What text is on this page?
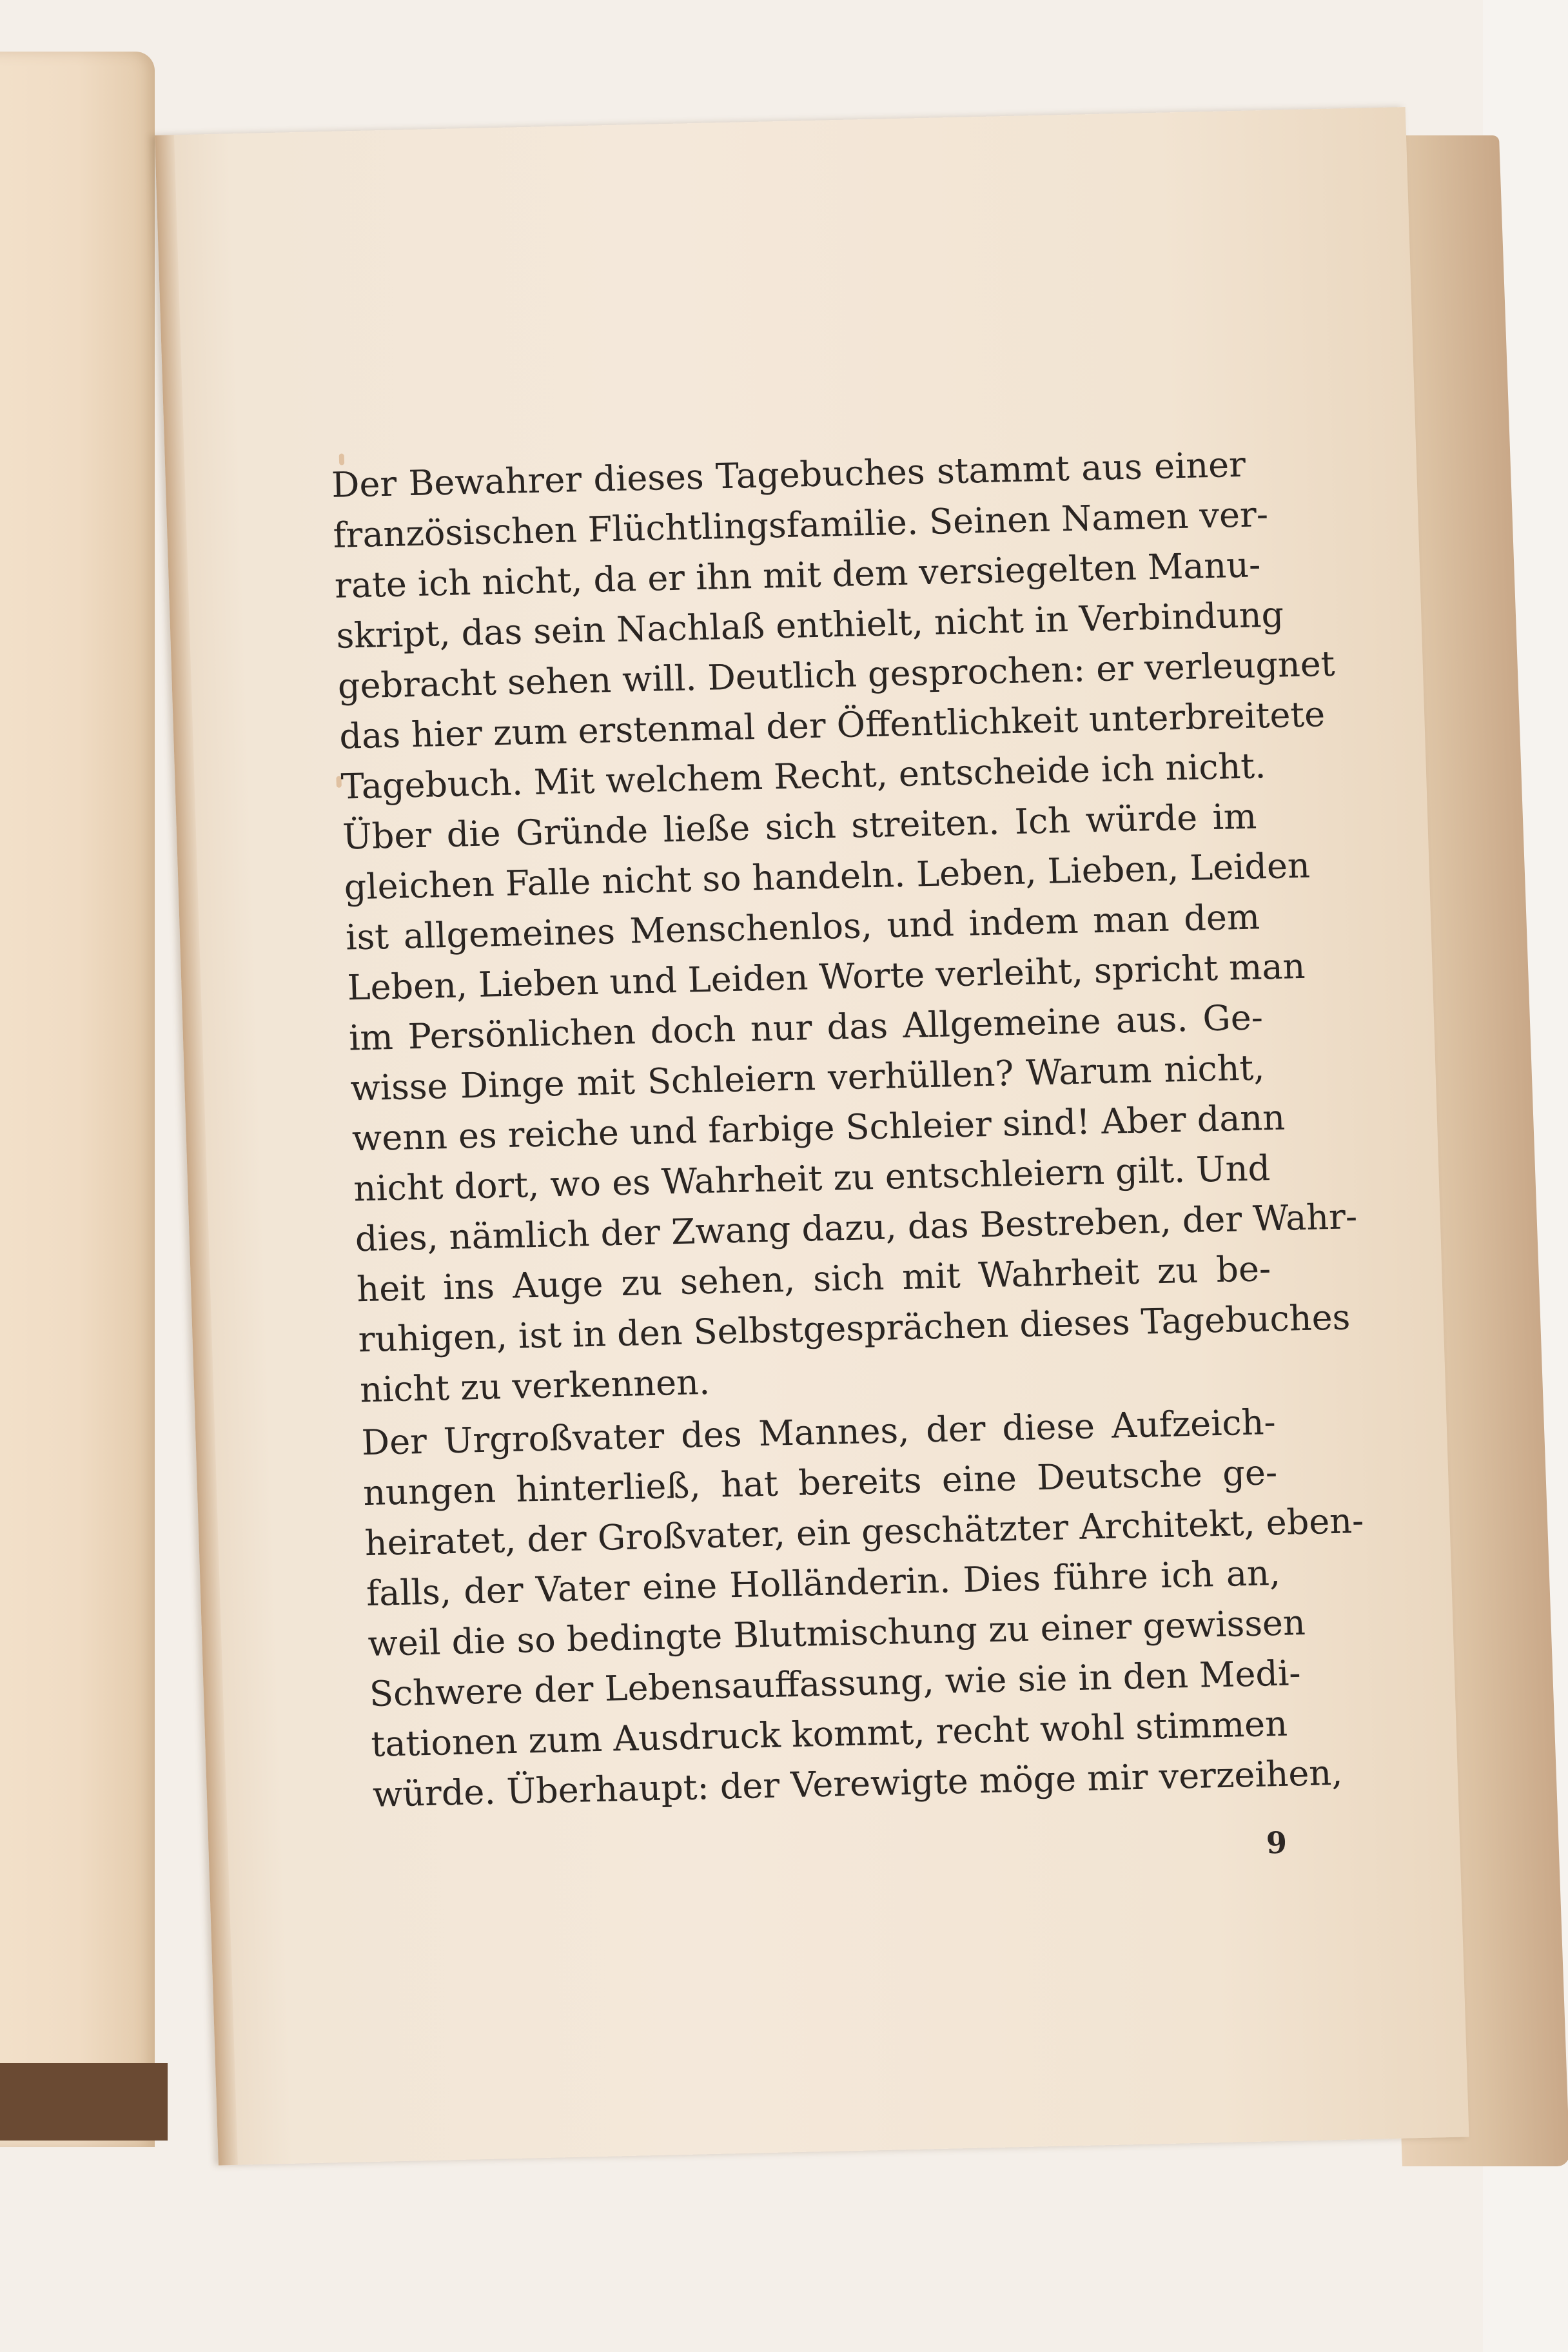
Der Bewahrer dieses Tagebuches stammt aus einer
französischen Flüchtlingsfamilie. Seinen Namen ver-
rate ich nicht, da er ihn mit dem versiegelten Manu-
skript, das sein Nachlaß enthielt, nicht in Verbindung
gebracht sehen will. Deutlich gesprochen: er verleugnet
das hier zum erstenmal der Öffentlichkeit unterbreitete
Tagebuch. Mit welchem Recht, entscheide ich nicht.
Über die Gründe ließe sich streiten. Ich würde im
gleichen Falle nicht so handeln. Leben, Lieben, Leiden
ist allgemeines Menschenlos, und indem man dem
Leben, Lieben und Leiden Worte verleiht, spricht man
im Persönlichen doch nur das Allgemeine aus. Ge-
wisse Dinge mit Schleiern verhüllen? Warum nicht,
wenn es reiche und farbige Schleier sind! Aber dann
nicht dort, wo es Wahrheit zu entschleiern gilt. Und
dies, nämlich der Zwang dazu, das Bestreben, der Wahr-
heit ins Auge zu sehen, sich mit Wahrheit zu be-
ruhigen, ist in den Selbstgesprächen dieses Tagebuches
nicht zu verkennen.

Der Urgroßvater des Mannes, der diese Aufzeich-
nungen hinterließ, hat bereits eine Deutsche ge-
heiratet, der Großvater, ein geschätzter Architekt, eben-
falls, der Vater eine Holländerin. Dies führe ich an,
weil die so bedingte Blutmischung zu einer gewissen
Schwere der Lebensauffassung, wie sie in den Medi-
tationen zum Ausdruck kommt, recht wohl stimmen
würde. Überhaupt: der Verewigte möge mir verzeihen,

9
